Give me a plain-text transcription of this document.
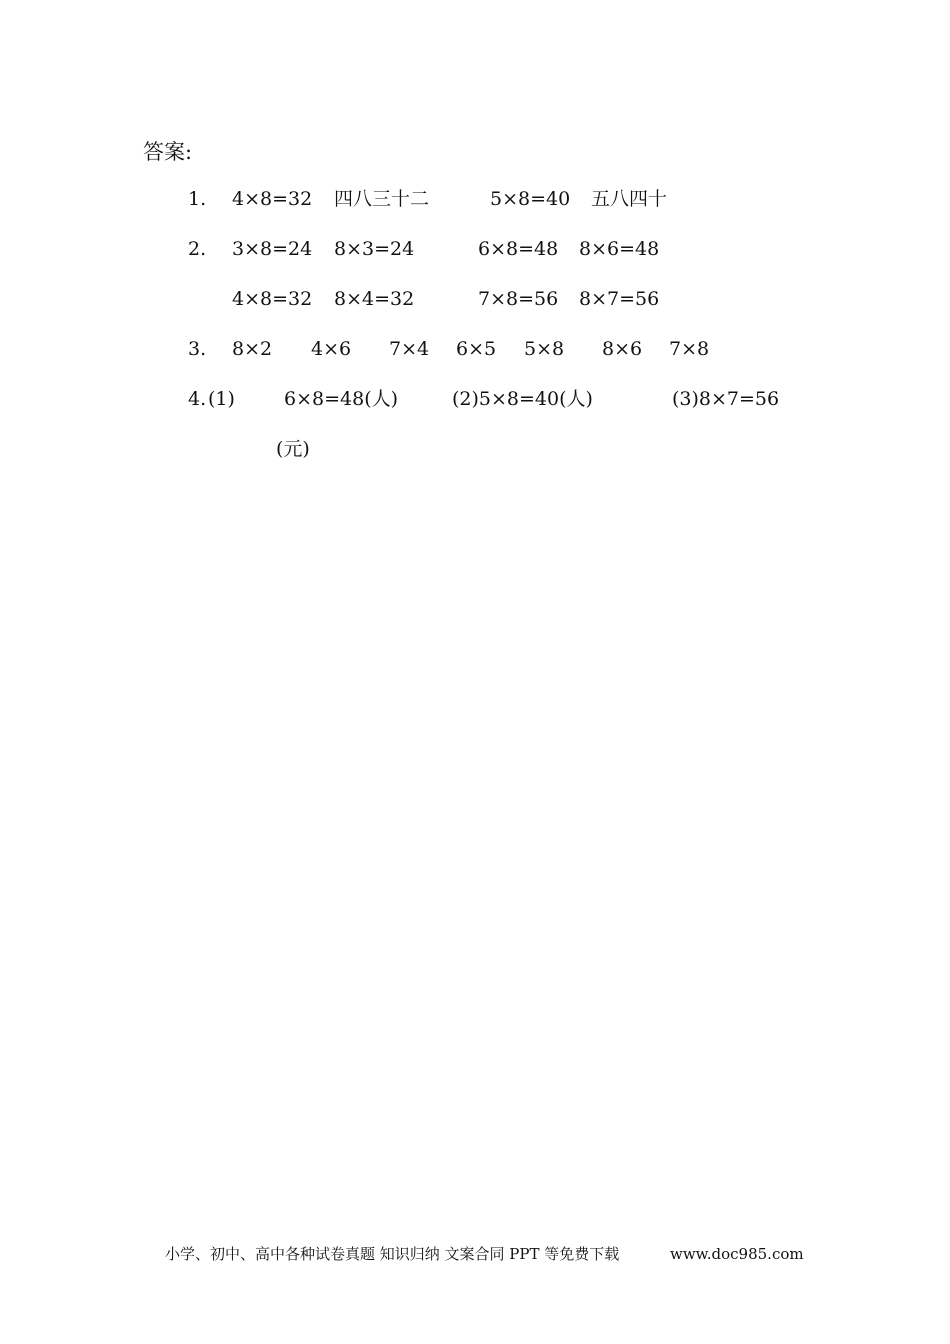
答案:
1. 4×8=32 四八三十二	5×8=40 五八四十
2. 3×8=24 8×3=24	6×8=48 8×6=48
4×8=32 8×4=32	7×8=56 8×7=56
3. 8×2 4×6 7×4 6×5 5×8 8×6 7×8
4. (1)	6×8=48(人)	(2)5×8=40(人)	(3)8×7=56
(元)
小学、初中、高中各种试卷真题 知识归纳 文案合同 PPT 等免费下载	www.doc985.com
